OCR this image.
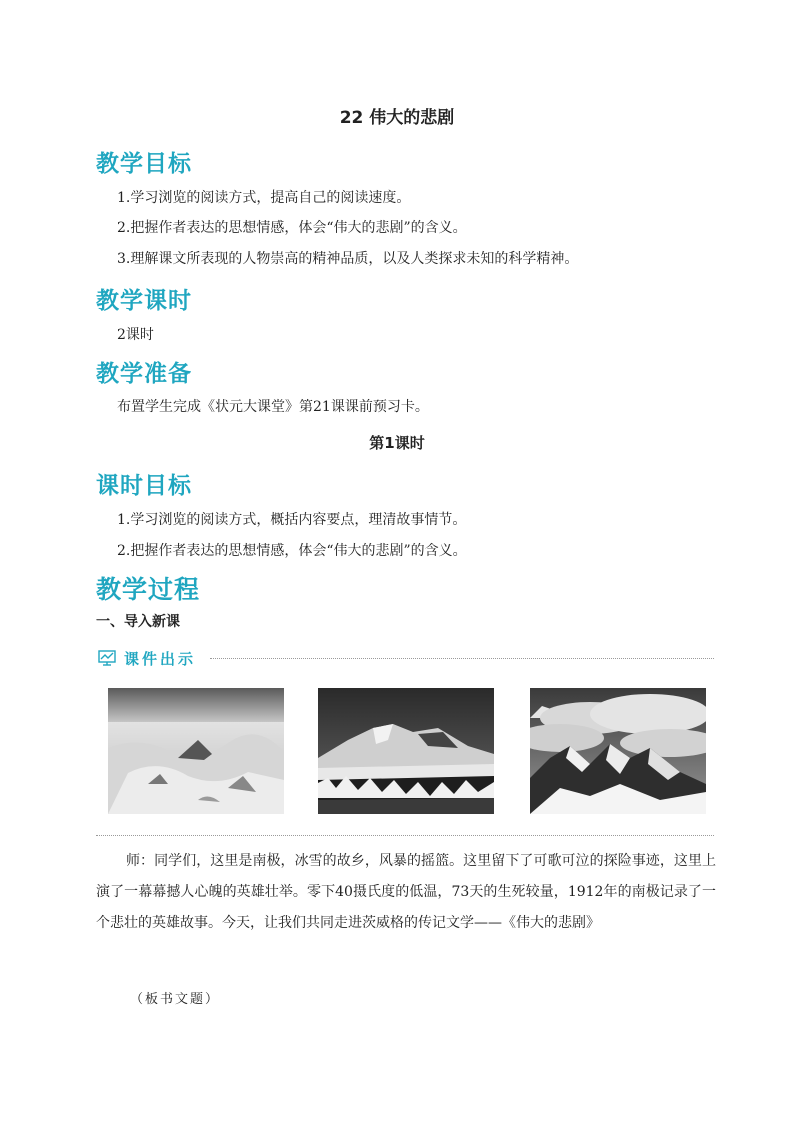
22 伟大的悲剧
教学目标
1.学习浏览的阅读方式，提高自己的阅读速度。
2.把握作者表达的思想情感，体会“伟大的悲剧”的含义。
3.理解课文所表现的人物崇高的精神品质，以及人类探求未知的科学精神。
教学课时
2课时
教学准备
布置学生完成《状元大课堂》第21课课前预习卡。
第1课时
课时目标
1.学习浏览的阅读方式，概括内容要点，理清故事情节。
2.把握作者表达的思想情感，体会“伟大的悲剧”的含义。
教学过程
一、导入新课
课件出示
师：同学们，这里是南极，冰雪的故乡，风暴的摇篮。这里留下了可歌可泣的探险事迹，这里上演了一幕幕撼人心魄的英雄壮举。零下40摄氏度的低温，73天的生死较量，1912年的南极记录了一个悲壮的英雄故事。今天，让我们共同走进茨威格的传记文学——《伟大的悲剧》
（板书文题）
